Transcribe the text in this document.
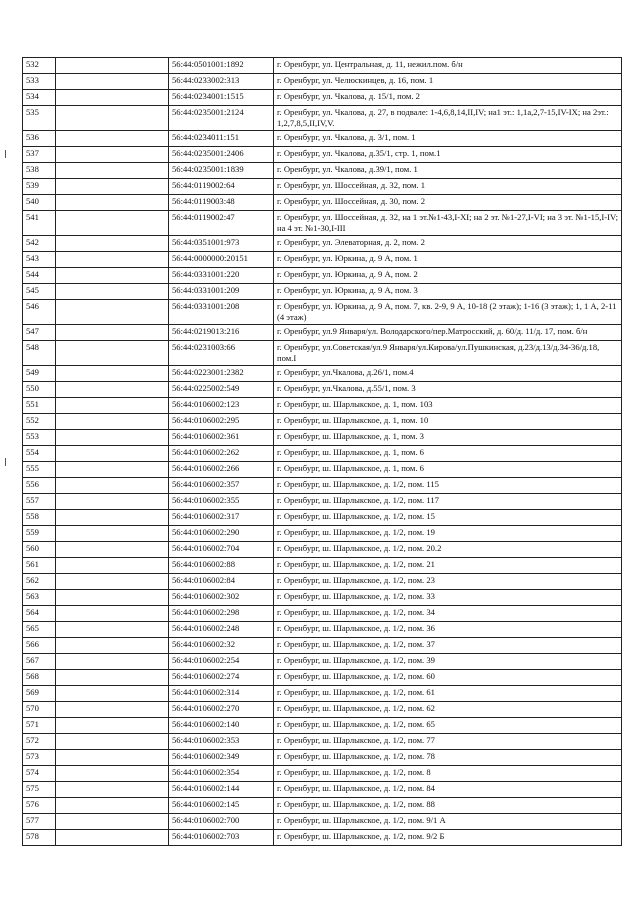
532		56:44:0501001:1892	г. Оренбург, ул. Центральная, д. 11, нежил.пом. б/н
533		56:44:0233002:313	г. Оренбург, ул. Челюскинцев, д. 16, пом. 1
534		56:44:0234001:1515	г. Оренбург, ул. Чкалова, д. 15/1, пом. 2
535		56:44:0235001:2124	г. Оренбург, ул. Чкалова, д. 27, в подвале: 1-4,6,8,14,II,IV; на1 эт.: 1,1а,2,7-15,IV-IX; на 2эт.: 1,2,7,8,5,II,IV,V.
536		56:44:0234011:151	г. Оренбург, ул. Чкалова, д. 3/1, пом. 1
537		56:44:0235001:2406	г. Оренбург, ул. Чкалова, д.35/1, стр. 1, пом.1
538		56:44:0235001:1839	г. Оренбург, ул. Чкалова, д.39/1, пом. 1
539		56:44:0119002:64	г. Оренбург, ул. Шоссейная, д. 32, пом. 1
540		56:44:0119003:48	г. Оренбург, ул. Шоссейная, д. 30, пом. 2
541		56:44:0119002:47	г. Оренбург, ул. Шоссейная, д. 32, на 1 эт.№1-43,I-XI; на 2 эт. №1-27,I-VI; на 3 эт. №1-15,I-IV; на 4 эт. №1-30,I-III
542		56:44:0351001:973	г. Оренбург, ул. Элеваторная, д. 2, пом. 2
543		56:44:0000000:20151	г. Оренбург, ул. Юркина, д. 9 А, пом. 1
544		56:44:0331001:220	г. Оренбург, ул. Юркина, д. 9 А, пом. 2
545		56:44:0331001:209	г. Оренбург, ул. Юркина, д. 9 А, пом. 3
546		56:44:0331001:208	г. Оренбург, ул. Юркина, д. 9 А, пом. 7, кв. 2-9, 9 А, 10-18 (2 этаж); 1-16 (3 этаж); 1, 1 А, 2-11 (4 этаж)
547		56:44:0219013:216	г. Оренбург, ул.9 Января/ул. Володарского/пер.Матросский, д. 60/д. 11/д. 17, пом. б/н
548		56:44:0231003:66	г. Оренбург, ул.Советская/ул.9 Января/ул.Кирова/ул.Пушкинская, д.23/д.13/д.34-36/д.18, пом.I
549		56:44:0223001:2382	г. Оренбург, ул.Чкалова, д.26/1, пом.4
550		56:44:0225002:549	г. Оренбург, ул.Чкалова, д.55/1, пом. 3
551		56:44:0106002:123	г. Оренбург, ш. Шарлыкское, д. 1, пом. 103
552		56:44:0106002:295	г. Оренбург, ш. Шарлыкское, д. 1, пом. 10
553		56:44:0106002:361	г. Оренбург, ш. Шарлыкское, д. 1, пом. 3
554		56:44:0106002:262	г. Оренбург, ш. Шарлыкское, д. 1, пом. 6
555		56:44:0106002:266	г. Оренбург, ш. Шарлыкское, д. 1, пом. 6
556		56:44:0106002:357	г. Оренбург, ш. Шарлыкское, д. 1/2, пом. 115
557		56:44:0106002:355	г. Оренбург, ш. Шарлыкское, д. 1/2, пом. 117
558		56:44:0106002:317	г. Оренбург, ш. Шарлыкское, д. 1/2, пом. 15
559		56:44:0106002:290	г. Оренбург, ш. Шарлыкское, д. 1/2, пом. 19
560		56:44:0106002:704	г. Оренбург, ш. Шарлыкское, д. 1/2, пом. 20.2
561		56:44:0106002:88	г. Оренбург, ш. Шарлыкское, д. 1/2, пом. 21
562		56:44:0106002:84	г. Оренбург, ш. Шарлыкское, д. 1/2, пом. 23
563		56:44:0106002:302	г. Оренбург, ш. Шарлыкское, д. 1/2, пом. 33
564		56:44:0106002:298	г. Оренбург, ш. Шарлыкское, д. 1/2, пом. 34
565		56:44:0106002:248	г. Оренбург, ш. Шарлыкское, д. 1/2, пом. 36
566		56:44:0106002:32	г. Оренбург, ш. Шарлыкское, д. 1/2, пом. 37
567		56:44:0106002:254	г. Оренбург, ш. Шарлыкское, д. 1/2, пом. 39
568		56:44:0106002:274	г. Оренбург, ш. Шарлыкское, д. 1/2, пом. 60
569		56:44:0106002:314	г. Оренбург, ш. Шарлыкское, д. 1/2, пом. 61
570		56:44:0106002:270	г. Оренбург, ш. Шарлыкское, д. 1/2, пом. 62
571		56:44:0106002:140	г. Оренбург, ш. Шарлыкское, д. 1/2, пом. 65
572		56:44:0106002:353	г. Оренбург, ш. Шарлыкское, д. 1/2, пом. 77
573		56:44:0106002:349	г. Оренбург, ш. Шарлыкское, д. 1/2, пом. 78
574		56:44:0106002:354	г. Оренбург, ш. Шарлыкское, д. 1/2, пом. 8
575		56:44:0106002:144	г. Оренбург, ш. Шарлыкское, д. 1/2, пом. 84
576		56:44:0106002:145	г. Оренбург, ш. Шарлыкское, д. 1/2, пом. 88
577		56:44:0106002:700	г. Оренбург, ш. Шарлыкское, д. 1/2, пом. 9/1 А
578		56:44:0106002:703	г. Оренбург, ш. Шарлыкское, д. 1/2, пом. 9/2 Б
